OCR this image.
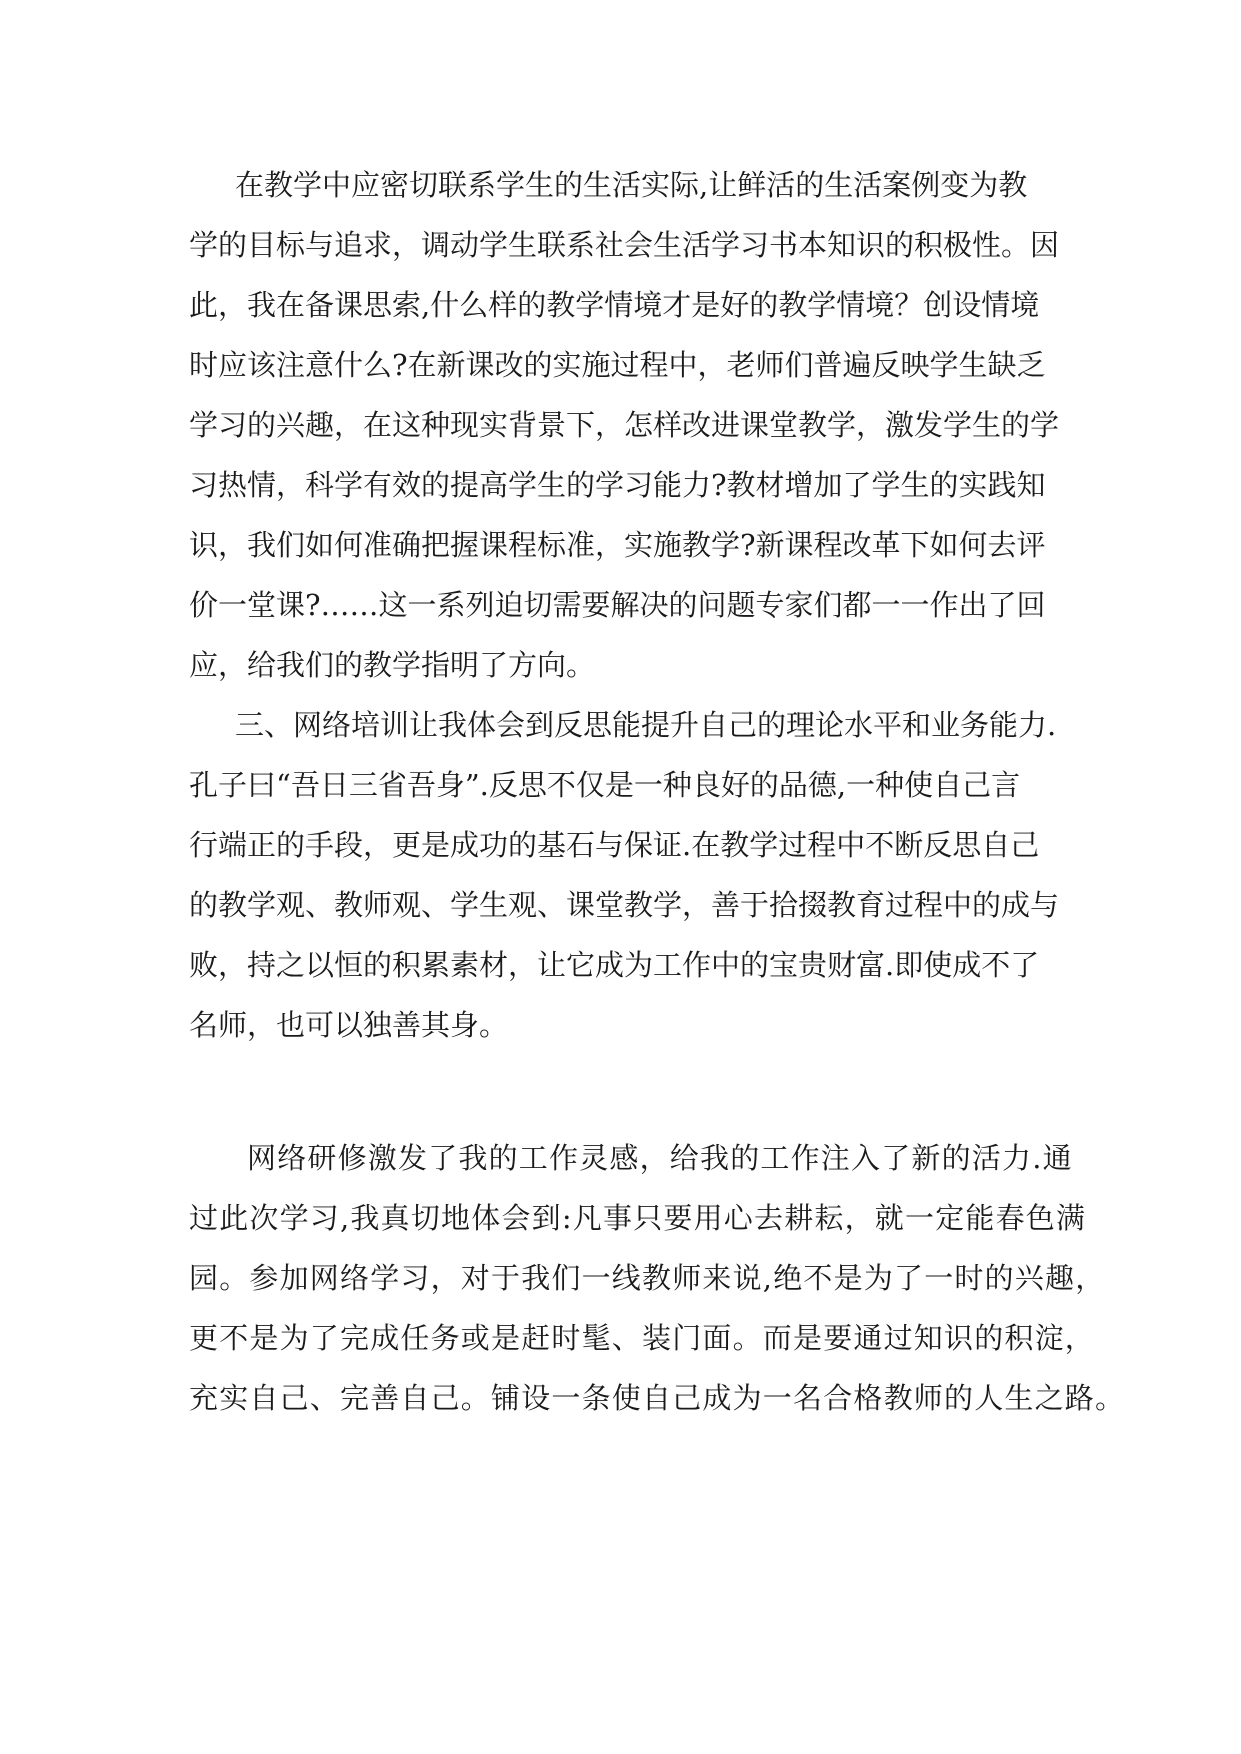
在教学中应密切联系学生的生活实际,让鲜活的生活案例变为教
学的目标与追求，调动学生联系社会生活学习书本知识的积极性。因
此，我在备课思索,什么样的教学情境才是好的教学情境？创设情境
时应该注意什么?在新课改的实施过程中，老师们普遍反映学生缺乏
学习的兴趣，在这种现实背景下，怎样改进课堂教学，激发学生的学
习热情，科学有效的提高学生的学习能力?教材增加了学生的实践知
识，我们如何准确把握课程标准，实施教学?新课程改革下如何去评
价一堂课?……这一系列迫切需要解决的问题专家们都一一作出了回
应，给我们的教学指明了方向。
三、网络培训让我体会到反思能提升自己的理论水平和业务能力.
孔子曰“吾日三省吾身”.反思不仅是一种良好的品德,一种使自己言
行端正的手段，更是成功的基石与保证.在教学过程中不断反思自己
的教学观、教师观、学生观、课堂教学，善于拾掇教育过程中的成与
败，持之以恒的积累素材，让它成为工作中的宝贵财富.即使成不了
名师，也可以独善其身。
网络研修激发了我的工作灵感，给我的工作注入了新的活力.通
过此次学习,我真切地体会到:凡事只要用心去耕耘，就一定能春色满
园。参加网络学习，对于我们一线教师来说,绝不是为了一时的兴趣，
更不是为了完成任务或是赶时髦、装门面。而是要通过知识的积淀，
充实自己、完善自己。铺设一条使自己成为一名合格教师的人生之路。
